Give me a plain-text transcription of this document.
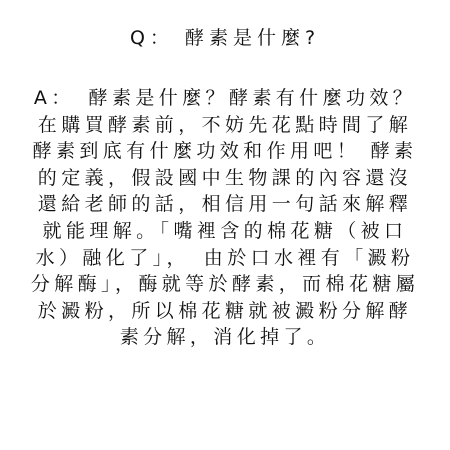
Q： 酵素是什麼?
A：　酵素是什麼？酵素有什麼功效？
在購買酵素前，不妨先花點時間了解
酵素到底有什麼功效和作用吧！ 酵素
的定義，假設國中生物課的內容還沒
還給老師的話，相信用一句話來解釋
就能理解。「嘴裡含的棉花糖（被口
水）融化了」，　由於口水裡有「澱粉
分解酶」，酶就等於酵素，而棉花糖屬
於澱粉，所以棉花糖就被澱粉分解酵
素分解，消化掉了。
